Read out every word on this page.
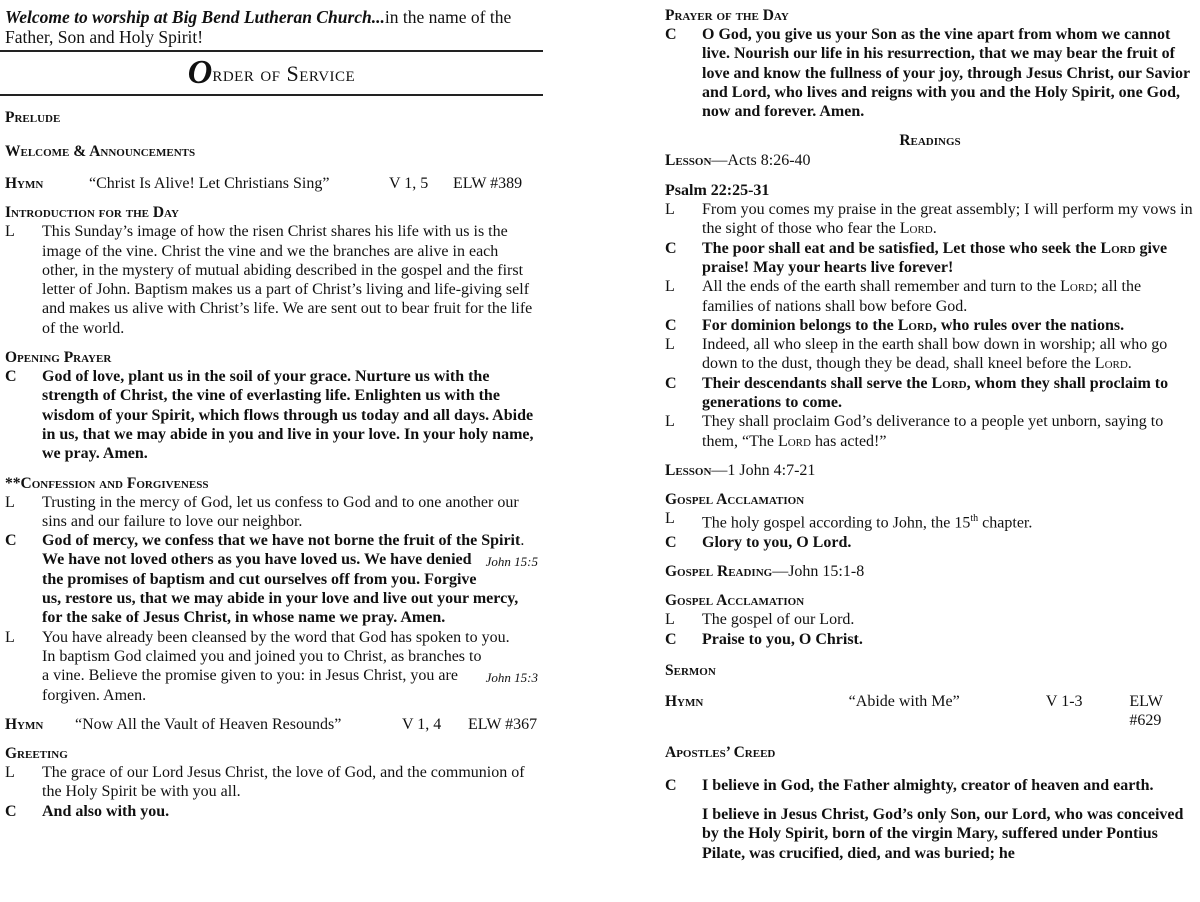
Welcome to worship at Big Bend Lutheran Church...in the name of the Father, Son and Holy Spirit!
Order of Service
Prelude
Welcome & Announcements
Hymn	“Christ Is Alive! Let Christians Sing”	V 1, 5	ELW #389
Introduction for the Day
L	This Sunday’s image of how the risen Christ shares his life with us is the image of the vine. Christ the vine and we the branches are alive in each other, in the mystery of mutual abiding described in the gospel and the first letter of John. Baptism makes us a part of Christ’s living and life-giving self and makes us alive with Christ’s life. We are sent out to bear fruit for the life of the world.
Opening Prayer
C	God of love, plant us in the soil of your grace. Nurture us with the strength of Christ, the vine of everlasting life. Enlighten us with the wisdom of your Spirit, which flows through us today and all days. Abide in us, that we may abide in you and live in your love. In your holy name, we pray. Amen.
**Confession and Forgiveness
L	Trusting in the mercy of God, let us confess to God and to one another our sins and our failure to love our neighbor.
C	God of mercy, we confess that we have not borne the fruit of the Spirit.
John 15:5
We have not loved others as you have loved us. We have denied the promises of baptism and cut ourselves off from you. Forgive us, restore us, that we may abide in your love and live out your mercy, for the sake of Jesus Christ, in whose name we pray. Amen.
L	You have already been cleansed by the word that God has spoken to you.
John 15:3
In baptism God claimed you and joined you to Christ, as branches to a vine. Believe the promise given to you: in Jesus Christ, you are forgiven. Amen.
Hymn	“Now All the Vault of Heaven Resounds”	V 1, 4	ELW #367
Greeting
L	The grace of our Lord Jesus Christ, the love of God, and the communion of the Holy Spirit be with you all.
C	And also with you.
Prayer of the Day
C	O God, you give us your Son as the vine apart from whom we cannot live. Nourish our life in his resurrection, that we may bear the fruit of love and know the fullness of your joy, through Jesus Christ, our Savior and Lord, who lives and reigns with you and the Holy Spirit, one God, now and forever. Amen.
Readings
Lesson—Acts 8:26-40
Psalm 22:25-31
L	From you comes my praise in the great assembly; I will perform my vows in the sight of those who fear the Lord.
C	The poor shall eat and be satisfied, Let those who seek the Lord give praise! May your hearts live forever!
L	All the ends of the earth shall remember and turn to the Lord; all the families of nations shall bow before God.
C	For dominion belongs to the Lord, who rules over the nations.
L	Indeed, all who sleep in the earth shall bow down in worship; all who go down to the dust, though they be dead, shall kneel before the Lord.
C	Their descendants shall serve the Lord, whom they shall proclaim to generations to come.
L	They shall proclaim God’s deliverance to a people yet unborn, saying to them, “The Lord has acted!”
Lesson—1 John 4:7-21
Gospel Acclamation
L	The holy gospel according to John, the 15th chapter.
C	Glory to you, O Lord.
Gospel Reading—John 15:1-8
Gospel Acclamation
L	The gospel of our Lord.
C	Praise to you, O Christ.
Sermon
Hymn	“Abide with Me”	V 1-3	ELW #629
Apostles’ Creed
C	I believe in God, the Father almighty, creator of heaven and earth.
I believe in Jesus Christ, God’s only Son, our Lord, who was conceived by the Holy Spirit, born of the virgin Mary, suffered under Pontius Pilate, was crucified, died, and was buried; he
